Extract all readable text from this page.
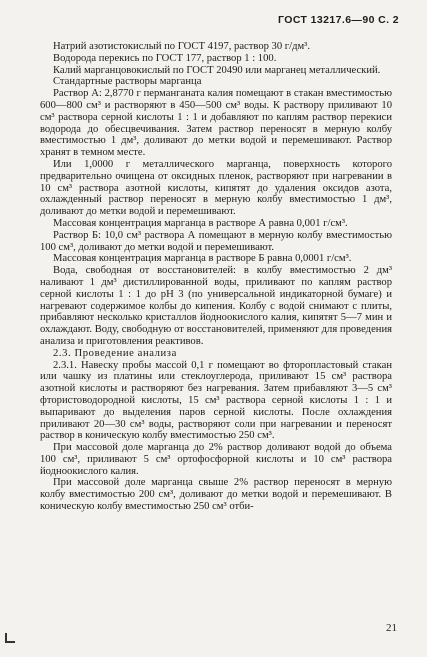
ГОСТ 13217.6—90 С. 2

Натрий азотистокислый по ГОСТ 4197, раствор 30 г/дм³.

Водорода перекись по ГОСТ 177, раствор 1 : 100.

Калий марганцовокислый по ГОСТ 20490 или марганец металлический.

Стандартные растворы марганца

Раствор А: 2,8770 г перманганата калия помещают в стакан вместимостью 600—800 см³ и растворяют в 450—500 см³ воды. К раствору приливают 10 см³ раствора серной кислоты 1 : 1 и добавляют по каплям раствор перекиси водорода до обесцвечивания. Затем раствор переносят в мерную колбу вместимостью 1 дм³, доливают до метки водой и перемешивают. Раствор хранят в темном месте.

Или 1,0000 г металлического марганца, поверхность которого предварительно очищена от оксидных пленок, растворяют при нагревании в 10 см³ раствора азотной кислоты, кипятят до удаления оксидов азота, охлажденный раствор переносят в мерную колбу вместимостью 1 дм³, доливают до метки водой и перемешивают.

Массовая концентрация марганца в растворе А равна 0,001 г/см³.

Раствор Б: 10,0 см³ раствора А помещают в мерную колбу вместимостью 100 см³, доливают до метки водой и перемешивают.

Массовая концентрация марганца в растворе Б равна 0,0001 г/см³.

Вода, свободная от восстановителей: в колбу вместимостью 2 дм³ наливают 1 дм³ дистиллированной воды, приливают по каплям раствор серной кислоты 1 : 1 до рН 3 (по универсальной индикаторной бумаге) и нагревают содержимое колбы до кипения. Колбу с водой снимают с плиты, прибавляют несколько кристаллов йодноокислого калия, кипятят 5—7 мин и охлаждают. Воду, свободную от восстановителей, применяют для проведения анализа и приготовления реактивов.

2.3. Проведение анализа

2.3.1. Навеску пробы массой 0,1 г помещают во фторопластовый стакан или чашку из платины или стеклоуглерода, приливают 15 см³ раствора азотной кислоты и растворяют без нагревания. Затем прибавляют 3—5 см³ фтористоводородной кислоты, 15 см³ раствора серной кислоты 1 : 1 и выпаривают до выделения паров серной кислоты. После охлаждения приливают 20—30 см³ воды, растворяют соли при нагревании и переносят раствор в коническую колбу вместимостью 250 см³.

При массовой доле марганца до 2% раствор доливают водой до объема 100 см³, приливают 5 см³ ортофосфорной кислоты и 10 см³ раствора йодноокислого калия.

При массовой доле марганца свыше 2% раствор переносят в мерную колбу вместимостью 200 см³, доливают до метки водой и перемешивают. В коническую колбу вместимостью 250 см³ отби-

21
